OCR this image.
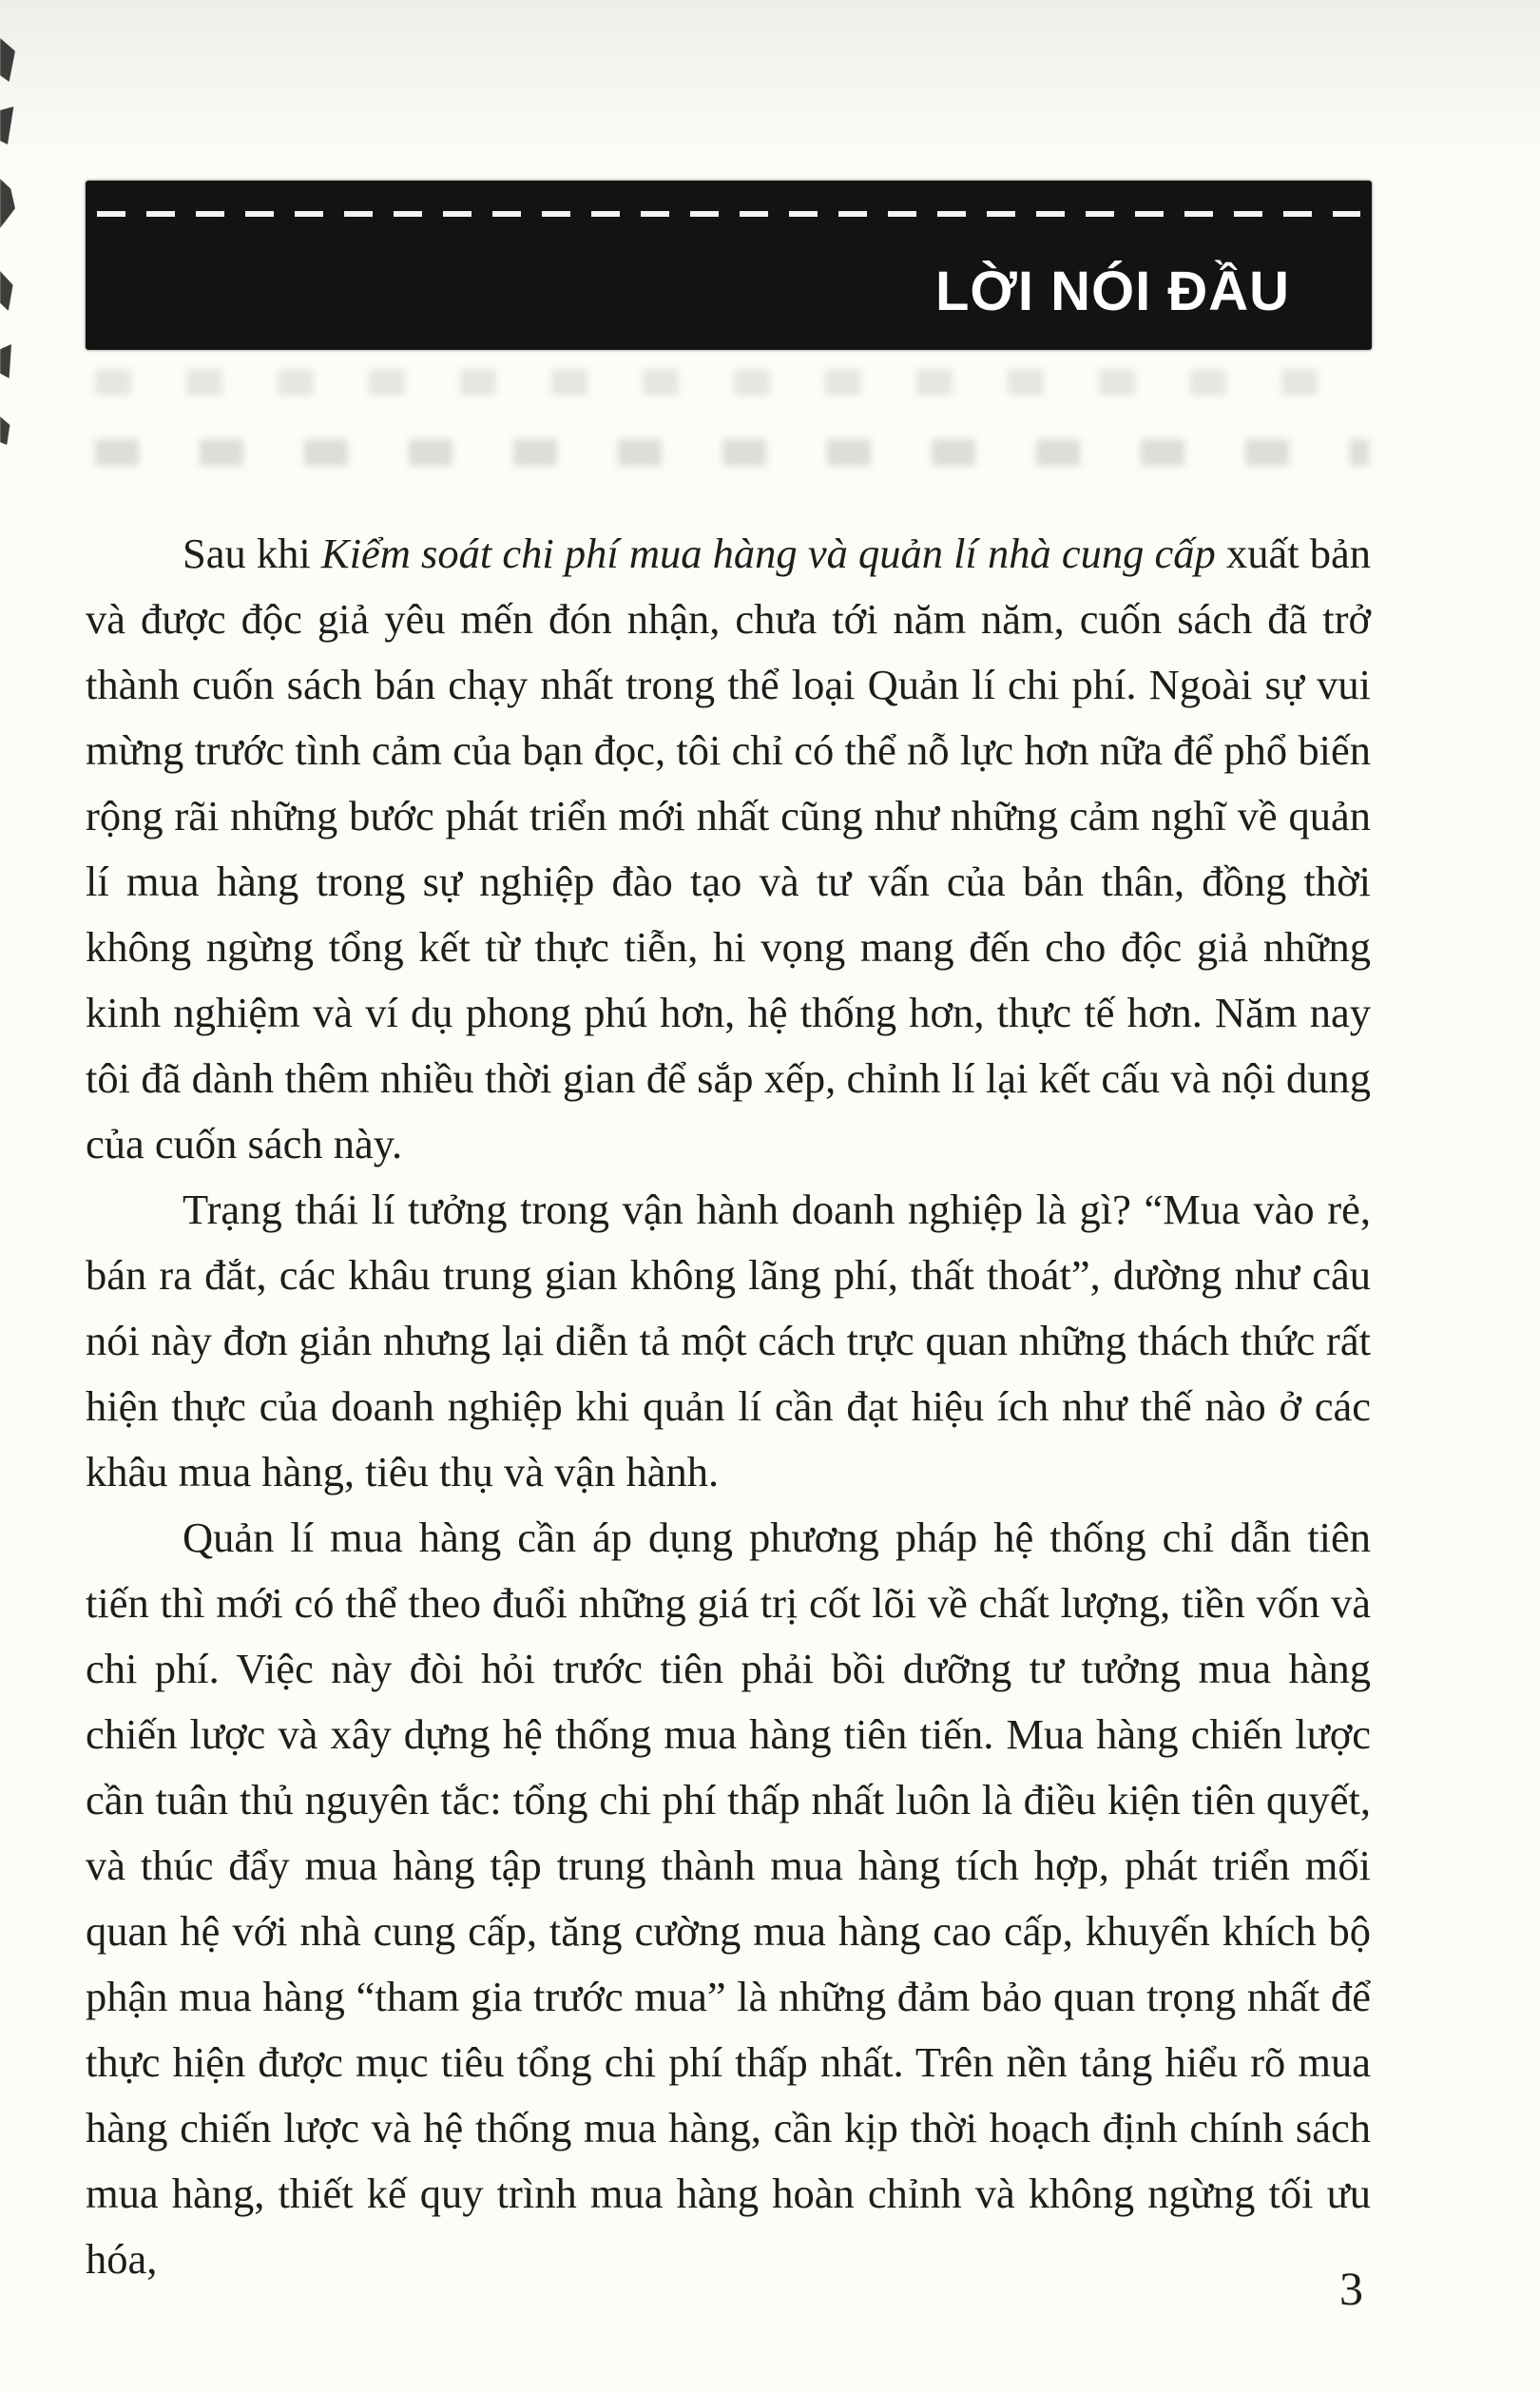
LỜI NÓI ĐẦU

Sau khi Kiểm soát chi phí mua hàng và quản lí nhà cung cấp xuất bản và được độc giả yêu mến đón nhận, chưa tới năm năm, cuốn sách đã trở thành cuốn sách bán chạy nhất trong thể loại Quản lí chi phí. Ngoài sự vui mừng trước tình cảm của bạn đọc, tôi chỉ có thể nỗ lực hơn nữa để phổ biến rộng rãi những bước phát triển mới nhất cũng như những cảm nghĩ về quản lí mua hàng trong sự nghiệp đào tạo và tư vấn của bản thân, đồng thời không ngừng tổng kết từ thực tiễn, hi vọng mang đến cho độc giả những kinh nghiệm và ví dụ phong phú hơn, hệ thống hơn, thực tế hơn. Năm nay tôi đã dành thêm nhiều thời gian để sắp xếp, chỉnh lí lại kết cấu và nội dung của cuốn sách này.

Trạng thái lí tưởng trong vận hành doanh nghiệp là gì? “Mua vào rẻ, bán ra đắt, các khâu trung gian không lãng phí, thất thoát”, dường như câu nói này đơn giản nhưng lại diễn tả một cách trực quan những thách thức rất hiện thực của doanh nghiệp khi quản lí cần đạt hiệu ích như thế nào ở các khâu mua hàng, tiêu thụ và vận hành.

Quản lí mua hàng cần áp dụng phương pháp hệ thống chỉ dẫn tiên tiến thì mới có thể theo đuổi những giá trị cốt lõi về chất lượng, tiền vốn và chi phí. Việc này đòi hỏi trước tiên phải bồi dưỡng tư tưởng mua hàng chiến lược và xây dựng hệ thống mua hàng tiên tiến. Mua hàng chiến lược cần tuân thủ nguyên tắc: tổng chi phí thấp nhất luôn là điều kiện tiên quyết, và thúc đẩy mua hàng tập trung thành mua hàng tích hợp, phát triển mối quan hệ với nhà cung cấp, tăng cường mua hàng cao cấp, khuyến khích bộ phận mua hàng “tham gia trước mua” là những đảm bảo quan trọng nhất để thực hiện được mục tiêu tổng chi phí thấp nhất. Trên nền tảng hiểu rõ mua hàng chiến lược và hệ thống mua hàng, cần kịp thời hoạch định chính sách mua hàng, thiết kế quy trình mua hàng hoàn chỉnh và không ngừng tối ưu hóa,

3
